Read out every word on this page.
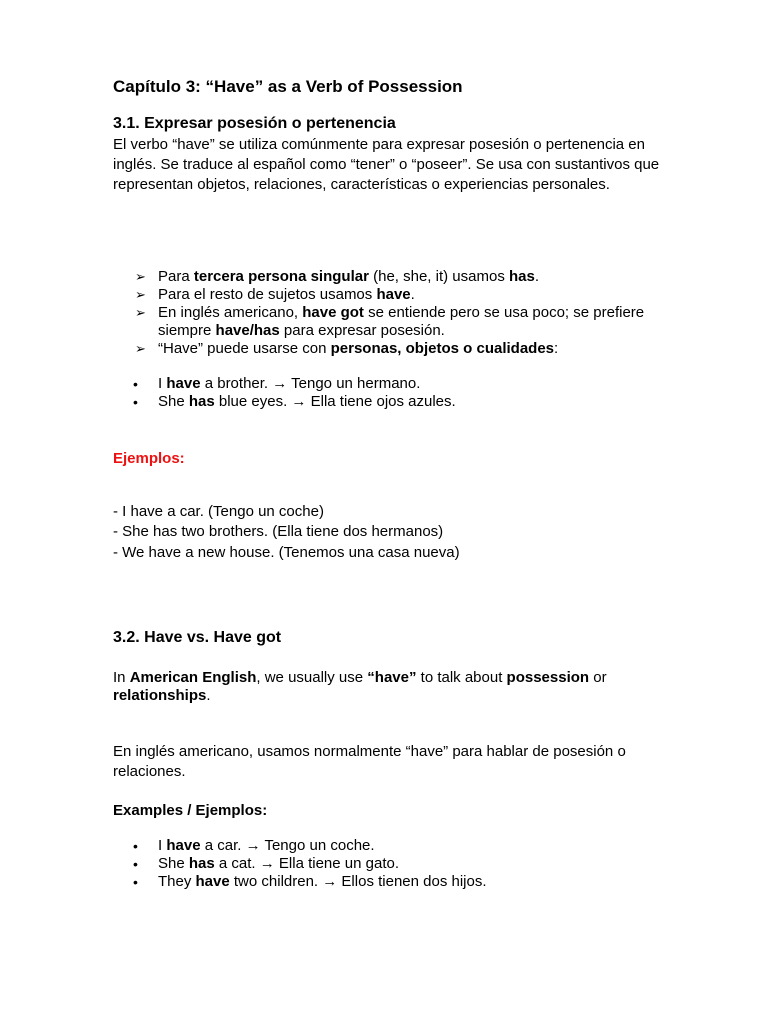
Capítulo 3: “Have” as a Verb of Possession
3.1. Expresar posesión o pertenencia

El verbo “have” se utiliza comúnmente para expresar posesión o pertenencia en inglés. Se traduce al español como “tener” o “poseer”. Se usa con sustantivos que representan objetos, relaciones, características o experiencias personales.

➢ Para tercera persona singular (he, she, it) usamos has.
➢ Para el resto de sujetos usamos have.
➢ En inglés americano, have got se entiende pero se usa poco; se prefiere siempre have/has para expresar posesión.
➢ “Have” puede usarse con personas, objetos o cualidades:
• I have a brother. → Tengo un hermano.
• She has blue eyes. → Ella tiene ojos azules.

Ejemplos:

- I have a car. (Tengo un coche)

- She has two brothers. (Ella tiene dos hermanos)

- We have a new house. (Tenemos una casa nueva)

3.2. Have vs. Have got

In American English, we usually use “have” to talk about possession or relationships.

En inglés americano, usamos normalmente “have” para hablar de posesión o relaciones.

Examples / Ejemplos:

• I have a car. → Tengo un coche.
• She has a cat. → Ella tiene un gato.
• They have two children. → Ellos tienen dos hijos.
